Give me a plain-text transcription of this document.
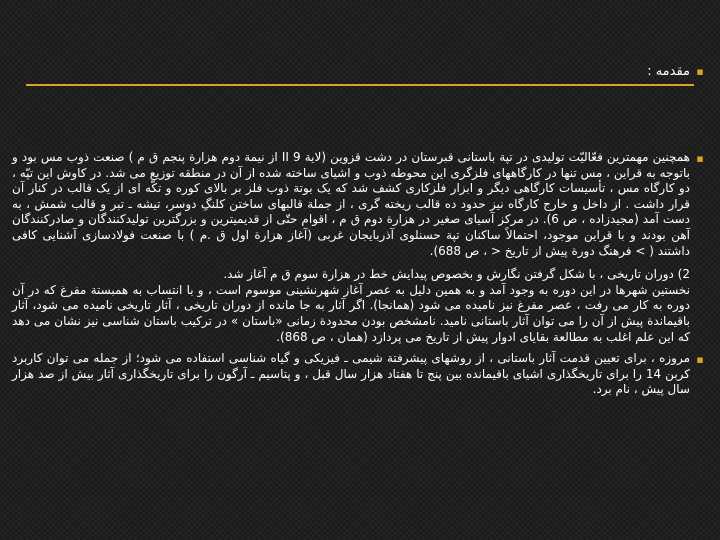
▪
مقدمه :
▪

همچنین مهمترین فعّالیّت تولیدی در تپة باستانی قبرستان در دشت قزوین (لایة 9 II از نیمة دوم هزارة پنجم ق م ) صنعت ذوب مس بود و باتوجه به قراین ، مس تنها در کارگاههای فلزگری این محوطه ذوب و اشیای ساخته شده از آن در منطقه توزیع می شد. در کاوش این تپّه ، دو کارگاه مس ، تأسیسات کارگاهی دیگر و ابزار فلزکاری کشف شد که یک بوتة ذوب فلز بر بالای کوره و تکّه ای از یک قالب در کنار آن قرار داشت . از داخل و خارج کارگاه نیز حدود ده قالب ریخته گری ، از جملة قالبهای ساختن کلنگِ دوسر، تیشه ـ تبر و قالب شمش ، به دست آمد (مجیدزاده ، ص 6). در مرکز آسیای صغیر در هزارة دوم ق م ، اقوام حتّی از قدیمیترین و بزرگترین تولیدکنندگان و صادرکنندگان آهن بودند و با قراین موجود، احتمالاً ساکنان تپة حسنلوی آذربایجان غربی (آغاز هزارة اول ق .م ) با صنعت فولادسازی آشنایی کافی داشتند ( > فرهنگ دورة پیش از تاریخ < ، ص 688).

2) دوران تاریخی ، با شکل گرفتن نگارش و بخصوص پیدایش خط در هزارة سوم ق م آغاز شد.

نخستین شهرها در این دوره به وجود آمد و به همین دلیل به عصر آغاز شهرنشینی موسوم است ، و با انتساب به همبستة مفرغ که در آن دوره به کار می رفت ، عصر مفرغ نیز نامیده می شود (همانجا). اگر آثار به جا مانده از دوران تاریخی ، آثار تاریخی نامیده می شود، آثار باقیماندة پیش از آن را می توان آثار باستانی نامید. نامشخص بودن محدودة زمانی «باستان » در ترکیب باستان شناسی نیز نشان می دهد که این علم اغلب به مطالعة بقایای ادوار پیش از تاریخ می پردازد (همان ، ص 868).

▪

مروزه ، برای تعیین قدمت آثار باستانی ، از روشهای پیشرفتة شیمی ـ فیزیکی و گیاه شناسی استفاده می شود؛ از جمله می توان کاربرد کربن 14 را برای تاریخگذاری اشیای باقیمانده بین پنج تا هفتاد هزار سال قبل ، و پتاسیم ـ آرگون را برای تاریخگذاری آثار بیش از صد هزار سال پیش ، نام برد.
